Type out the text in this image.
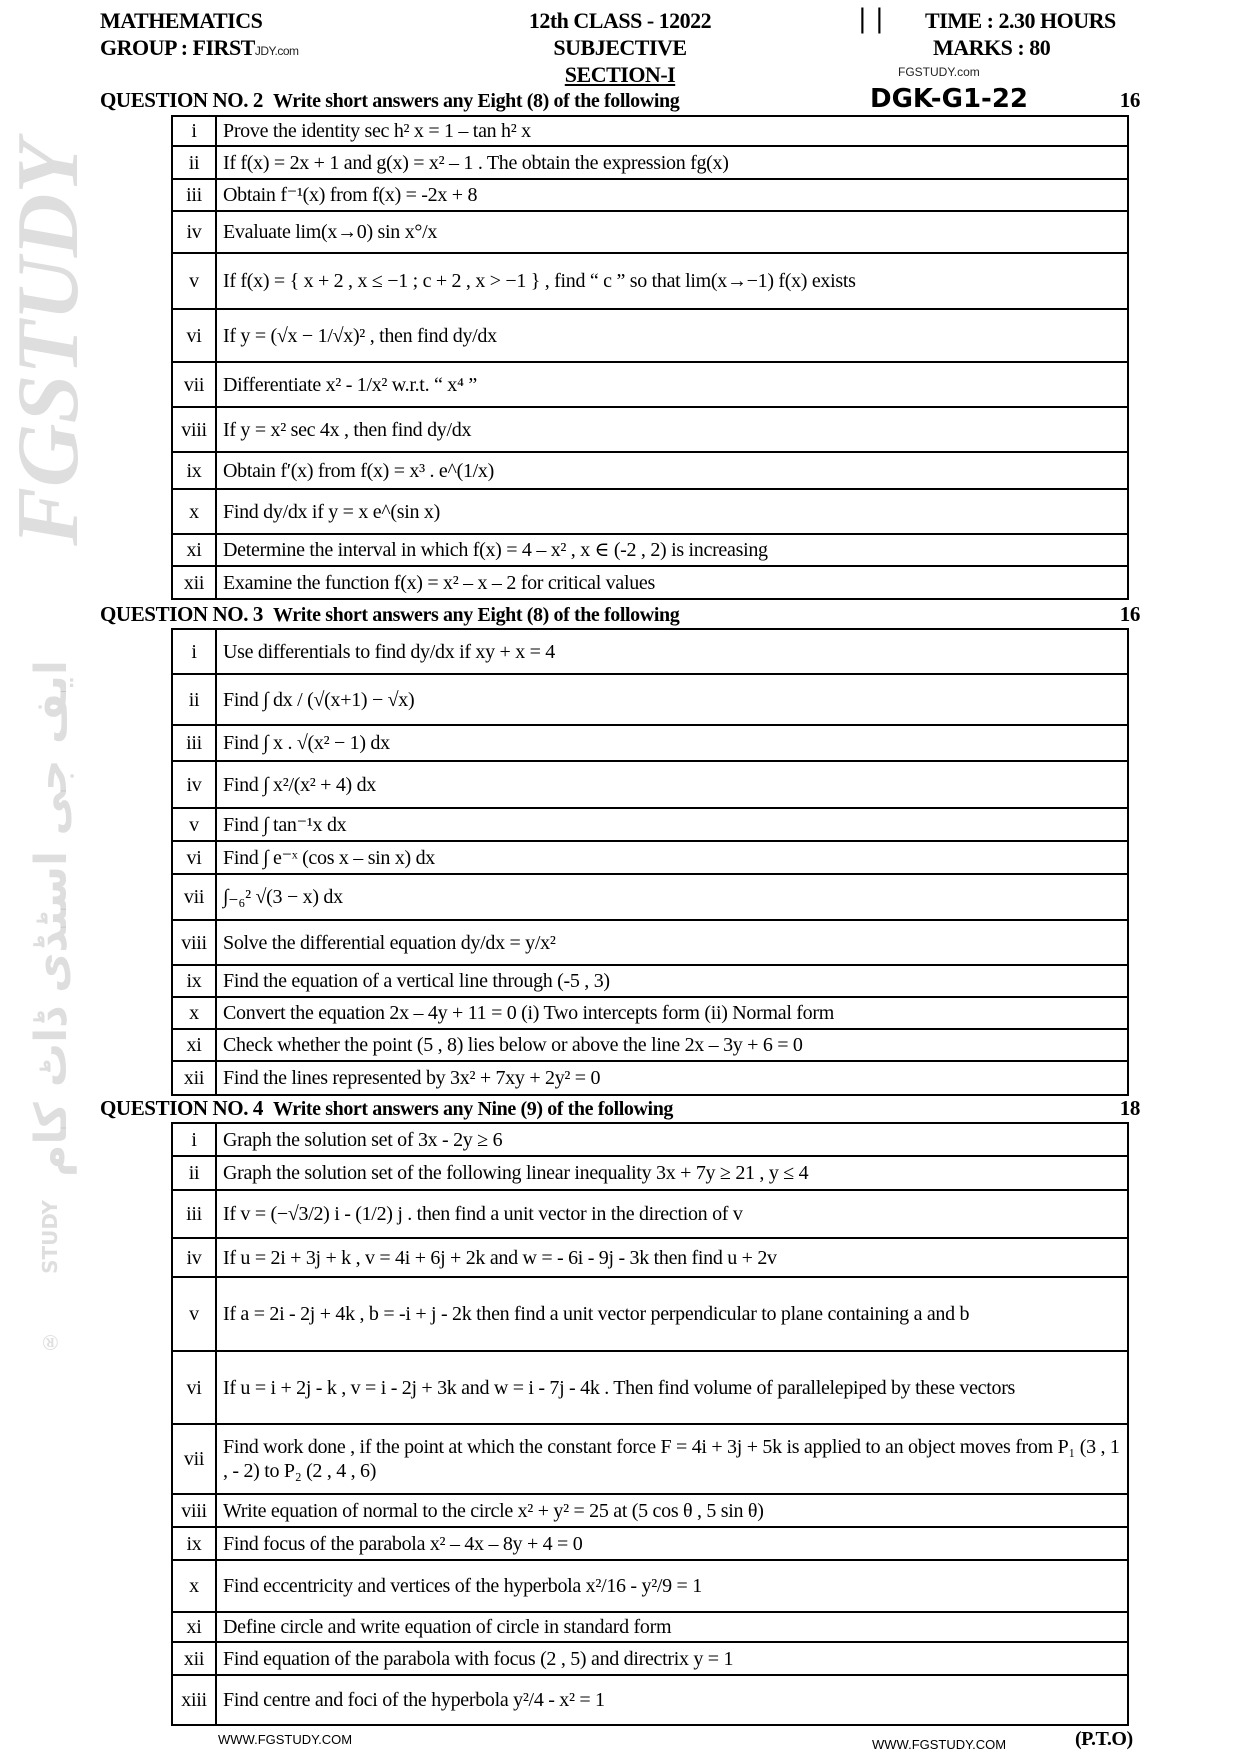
MATHEMATICS
GROUP : FIRSTJDY.com
12th CLASS - 12022
SUBJECTIVE
SECTION-I
| | TIME : 2.30 HOURS
MARKS : 80
FGSTUDY.com
FGSTUDY
ایف جی اسٹڈی ڈاٹ کام
STUDY
®
QUESTION NO. 2 Write short answers any Eight (8) of the following	16
DGK-G1-22
i	Prove the identity sec h² x = 1 – tan h² x
ii	If f(x) = 2x + 1 and g(x) = x² – 1 . The obtain the expression fg(x)
iii	Obtain f⁻¹(x) from f(x) = -2x + 8
iv	Evaluate lim(x→0) sin x°/x
v	If f(x) = { x + 2 , x ≤ −1 ; c + 2 , x > −1 } , find “ c ” so that lim(x→−1) f(x) exists
vi	If y = (√x − 1/√x)² , then find dy/dx
vii	Differentiate x² - 1/x² w.r.t. “ x⁴ ”
viii	If y = x² sec 4x , then find dy/dx
ix	Obtain f′(x) from f(x) = x³ . e^(1/x)
x	Find dy/dx if y = x e^(sin x)
xi	Determine the interval in which f(x) = 4 – x² , x ∈ (-2 , 2) is increasing
xii	Examine the function f(x) = x² – x – 2 for critical values
QUESTION NO. 3 Write short answers any Eight (8) of the following	16
i	Use differentials to find dy/dx if xy + x = 4
ii	Find ∫ dx / (√(x+1) − √x)
iii	Find ∫ x . √(x² − 1) dx
iv	Find ∫ x²/(x² + 4) dx
v	Find ∫ tan⁻¹x dx
vi	Find ∫ e⁻ˣ (cos x – sin x) dx
vii	∫₋₆² √(3 − x) dx
viii	Solve the differential equation dy/dx = y/x²
ix	Find the equation of a vertical line through (-5 , 3)
x	Convert the equation 2x – 4y + 11 = 0 (i) Two intercepts form (ii) Normal form
xi	Check whether the point (5 , 8) lies below or above the line 2x – 3y + 6 = 0
xii	Find the lines represented by 3x² + 7xy + 2y² = 0
QUESTION NO. 4 Write short answers any Nine (9) of the following	18
i	Graph the solution set of 3x - 2y ≥ 6
ii	Graph the solution set of the following linear inequality 3x + 7y ≥ 21 , y ≤ 4
iii	If v = (−√3/2) i - (1/2) j . then find a unit vector in the direction of v
iv	If u = 2i + 3j + k , v = 4i + 6j + 2k and w = - 6i - 9j - 3k then find u + 2v
v	If a = 2i - 2j + 4k , b = -i + j - 2k then find a unit vector perpendicular to plane containing a and b
vi	If u = i + 2j - k , v = i - 2j + 3k and w = i - 7j - 4k . Then find volume of parallelepiped by these vectors
vii	Find work done , if the point at which the constant force F = 4i + 3j + 5k is applied to an object moves from P₁ (3 , 1 , - 2) to P₂ (2 , 4 , 6)
viii	Write equation of normal to the circle x² + y² = 25 at (5 cos θ , 5 sin θ)
ix	Find focus of the parabola x² – 4x – 8y + 4 = 0
x	Find eccentricity and vertices of the hyperbola x²/16 - y²/9 = 1
xi	Define circle and write equation of circle in standard form
xii	Find equation of the parabola with focus (2 , 5) and directrix y = 1
xiii	Find centre and foci of the hyperbola y²/4 - x² = 1
WWW.FGSTUDY.COM	WWW.FGSTUDY.COM	(P.T.O)
